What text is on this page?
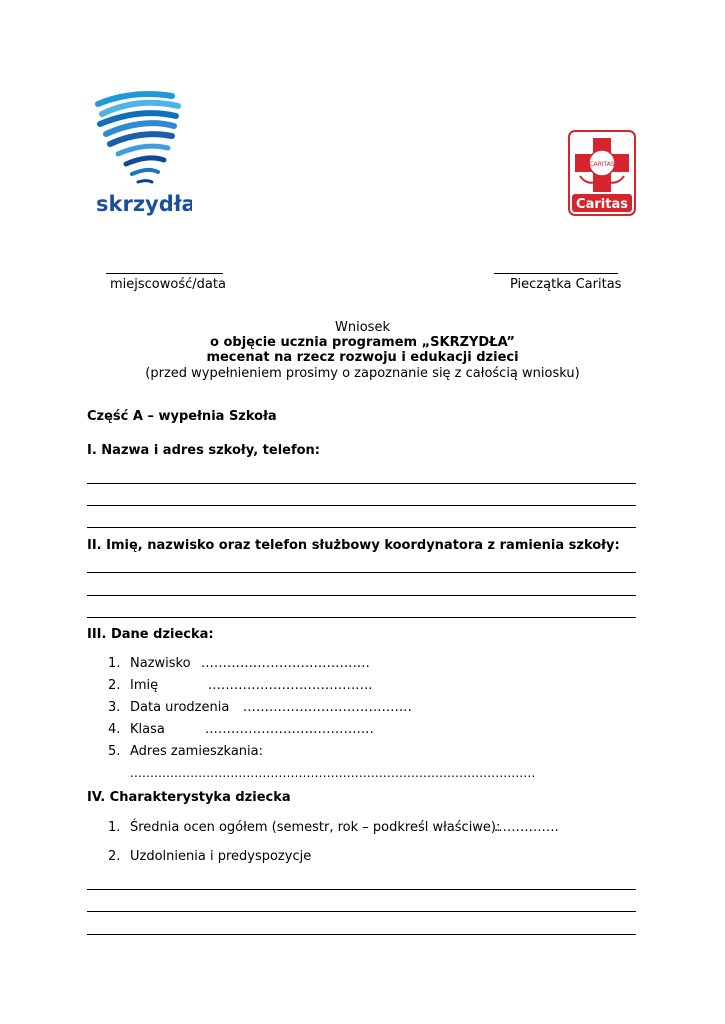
skrzydła
CARITAS
Caritas
miejscowość/data	Pieczątka Caritas
Wniosek
o objęcie ucznia programem „SKRZYDŁA”
mecenat na rzecz rozwoju i edukacji dzieci
(przed wypełnieniem prosimy o zapoznanie się z całością wniosku)
Część A – wypełnia Szkoła
I. Nazwa i adres szkoły, telefon:
II. Imię, nazwisko oraz telefon służbowy koordynatora z ramienia szkoły:
III. Dane dziecka:
1. Nazwisko .......................................
2. Imię	......................................
3. Data urodzenia .......................................
4. Klasa	.......................................
5. Adres zamieszkania:
.....................................................................................................
IV. Charakterystyka dziecka
1. Średnia ocen ogółem (semestr, rok – podkreśl właściwe):
...............
2. Uzdolnienia i predyspozycje
